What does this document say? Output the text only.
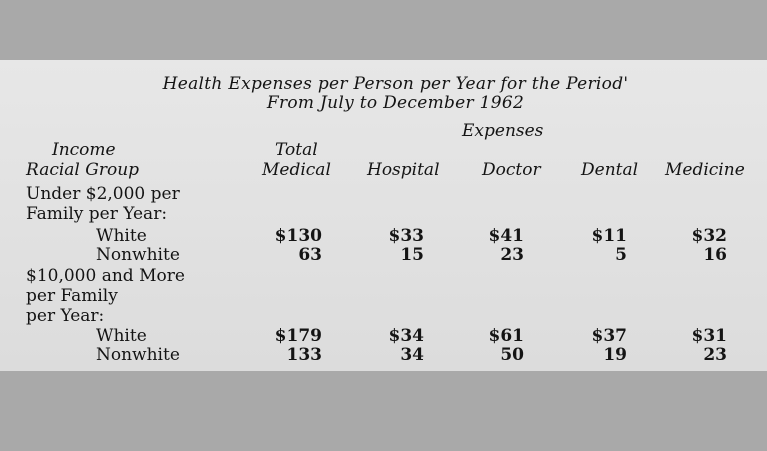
Health Expenses per Person per Year for the Period'
From July to December 1962
Expenses
Income
Racial Group
Total
Medical Hospital Doctor Dental Medicine
Under $2,000 per
Family per Year:
White	$130	$33	$41	$11	$32
Nonwhite	63	15	23	5	16
$10,000 and More
per Family
per Year:
White	$179	$34	$61	$37	$31
Nonwhite	133	34	50	19	23
